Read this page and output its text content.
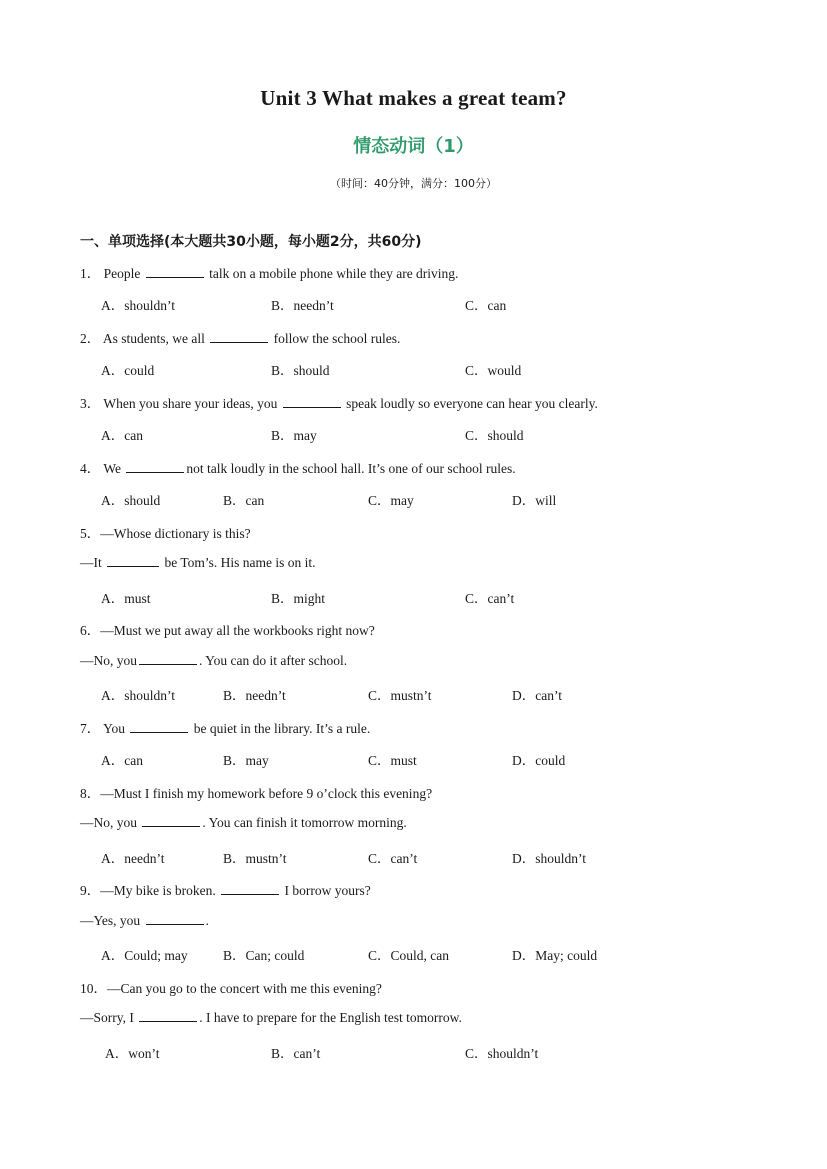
Unit 3 What makes a great team?
情态动词（1）
（时间：40分钟，满分：100分）
一、单项选择(本大题共30小题，每小题2分，共60分)
1． People	talk on a mobile phone while they are driving.
A．shouldn’t	B．needn’t	C．can
2． As students, we all	follow the school rules.
A．could	B．should	C．would
3． When you share your ideas, you	speak loudly so everyone can hear you clearly.
A．can	B．may	C．should
4． We	not talk loudly in the school hall. It’s one of our school rules.
A．should	B．can	C．may	D．will
5．—Whose dictionary is this?
—It	be Tom’s. His name is on it.
A．must	B．might	C．can’t
6．—Must we put away all the workbooks right now?
—No, you	. You can do it after school.
A．shouldn’t	B．needn’t	C．mustn’t	D．can’t
7． You	be quiet in the library. It’s a rule.
A．can	B．may	C．must	D．could
8．—Must I finish my homework before 9 o’clock this evening?
—No, you	. You can finish it tomorrow morning.
A．needn’t	B．mustn’t	C．can’t	D．shouldn’t
9．—My bike is broken.	I borrow yours?
—Yes, you	.
A．Could; may	B．Can; could	C．Could, can	D．May; could
10．—Can you go to the concert with me this evening?
—Sorry, I	. I have to prepare for the English test tomorrow.
A．won’t	B．can’t	C．shouldn’t
